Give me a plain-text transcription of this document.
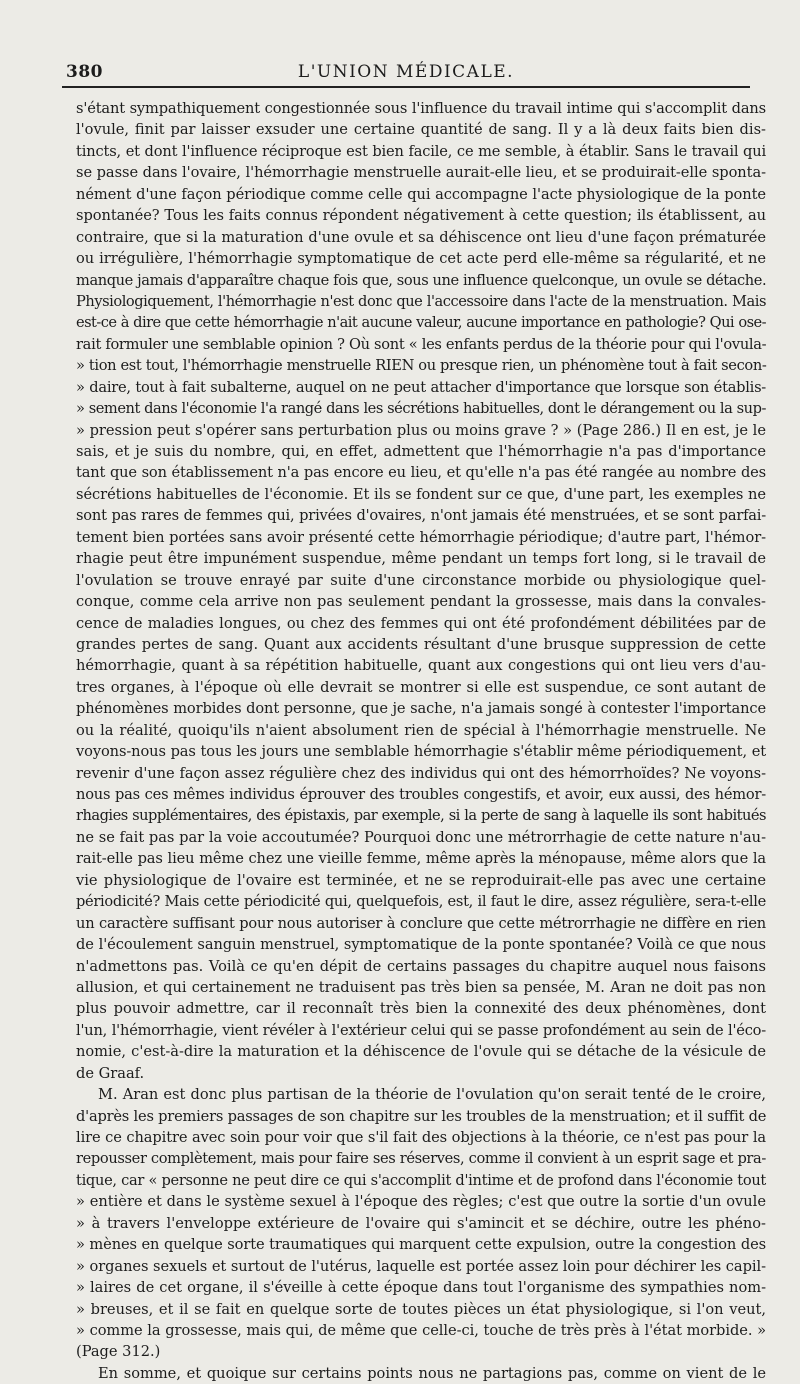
380	L'UNION MÉDICALE.
s'étant sympathiquement congestionnée sous l'influence du travail intime qui s'accomplit dans
l'ovule, finit par laisser exsuder une certaine quantité de sang. Il y a là deux faits bien dis-
tincts, et dont l'influence réciproque est bien facile, ce me semble, à établir. Sans le travail qui
se passe dans l'ovaire, l'hémorrhagie menstruelle aurait-elle lieu, et se produirait-elle sponta-
nément d'une façon périodique comme celle qui accompagne l'acte physiologique de la ponte
spontanée? Tous les faits connus répondent négativement à cette question; ils établissent, au
contraire, que si la maturation d'une ovule et sa déhiscence ont lieu d'une façon prématurée
ou irrégulière, l'hémorrhagie symptomatique de cet acte perd elle-même sa régularité, et ne
manque jamais d'apparaître chaque fois que, sous une influence quelconque, un ovule se détache.
Physiologiquement, l'hémorrhagie n'est donc que l'accessoire dans l'acte de la menstruation. Mais
est-ce à dire que cette hémorrhagie n'ait aucune valeur, aucune importance en pathologie? Qui ose-
rait formuler une semblable opinion ? Où sont « les enfants perdus de la théorie pour qui l'ovula-
» tion est tout, l'hémorrhagie menstruelle RIEN ou presque rien, un phénomène tout à fait secon-
» daire, tout à fait subalterne, auquel on ne peut attacher d'importance que lorsque son établis-
» sement dans l'économie l'a rangé dans les sécrétions habituelles, dont le dérangement ou la sup-
» pression peut s'opérer sans perturbation plus ou moins grave ? » (Page 286.) Il en est, je le
sais, et je suis du nombre, qui, en effet, admettent que l'hémorrhagie n'a pas d'importance
tant que son établissement n'a pas encore eu lieu, et qu'elle n'a pas été rangée au nombre des
sécrétions habituelles de l'économie. Et ils se fondent sur ce que, d'une part, les exemples ne
sont pas rares de femmes qui, privées d'ovaires, n'ont jamais été menstruées, et se sont parfai-
tement bien portées sans avoir présenté cette hémorrhagie périodique; d'autre part, l'hémor-
rhagie peut être impunément suspendue, même pendant un temps fort long, si le travail de
l'ovulation se trouve enrayé par suite d'une circonstance morbide ou physiologique quel-
conque, comme cela arrive non pas seulement pendant la grossesse, mais dans la convales-
cence de maladies longues, ou chez des femmes qui ont été profondément débilitées par de
grandes pertes de sang. Quant aux accidents résultant d'une brusque suppression de cette
hémorrhagie, quant à sa répétition habituelle, quant aux congestions qui ont lieu vers d'au-
tres organes, à l'époque où elle devrait se montrer si elle est suspendue, ce sont autant de
phénomènes morbides dont personne, que je sache, n'a jamais songé à contester l'importance
ou la réalité, quoiqu'ils n'aient absolument rien de spécial à l'hémorrhagie menstruelle. Ne
voyons-nous pas tous les jours une semblable hémorrhagie s'établir même périodiquement, et
revenir d'une façon assez régulière chez des individus qui ont des hémorrhoïdes? Ne voyons-
nous pas ces mêmes individus éprouver des troubles congestifs, et avoir, eux aussi, des hémor-
rhagies supplémentaires, des épistaxis, par exemple, si la perte de sang à laquelle ils sont habitués
ne se fait pas par la voie accoutumée? Pourquoi donc une métrorrhagie de cette nature n'au-
rait-elle pas lieu même chez une vieille femme, même après la ménopause, même alors que la
vie physiologique de l'ovaire est terminée, et ne se reproduirait-elle pas avec une certaine
périodicité? Mais cette périodicité qui, quelquefois, est, il faut le dire, assez régulière, sera-t-elle
un caractère suffisant pour nous autoriser à conclure que cette métrorrhagie ne diffère en rien
de l'écoulement sanguin menstruel, symptomatique de la ponte spontanée? Voilà ce que nous
n'admettons pas. Voilà ce qu'en dépit de certains passages du chapitre auquel nous faisons
allusion, et qui certainement ne traduisent pas très bien sa pensée, M. Aran ne doit pas non
plus pouvoir admettre, car il reconnaît très bien la connexité des deux phénomènes, dont
l'un, l'hémorrhagie, vient révéler à l'extérieur celui qui se passe profondément au sein de l'éco-
nomie, c'est-à-dire la maturation et la déhiscence de l'ovule qui se détache de la vésicule de
de Graaf.
M. Aran est donc plus partisan de la théorie de l'ovulation qu'on serait tenté de le croire,
d'après les premiers passages de son chapitre sur les troubles de la menstruation; et il suffit de
lire ce chapitre avec soin pour voir que s'il fait des objections à la théorie, ce n'est pas pour la
repousser complètement, mais pour faire ses réserves, comme il convient à un esprit sage et pra-
tique, car « personne ne peut dire ce qui s'accomplit d'intime et de profond dans l'économie tout
» entière et dans le système sexuel à l'époque des règles; c'est que outre la sortie d'un ovule
» à travers l'enveloppe extérieure de l'ovaire qui s'amincit et se déchire, outre les phéno-
» mènes en quelque sorte traumatiques qui marquent cette expulsion, outre la congestion des
» organes sexuels et surtout de l'utérus, laquelle est portée assez loin pour déchirer les capil-
» laires de cet organe, il s'éveille à cette époque dans tout l'organisme des sympathies nom-
» breuses, et il se fait en quelque sorte de toutes pièces un état physiologique, si l'on veut,
» comme la grossesse, mais qui, de même que celle-ci, touche de très près à l'état morbide. »
(Page 312.)
En somme, et quoique sur certains points nous ne partagions pas, comme on vient de le
